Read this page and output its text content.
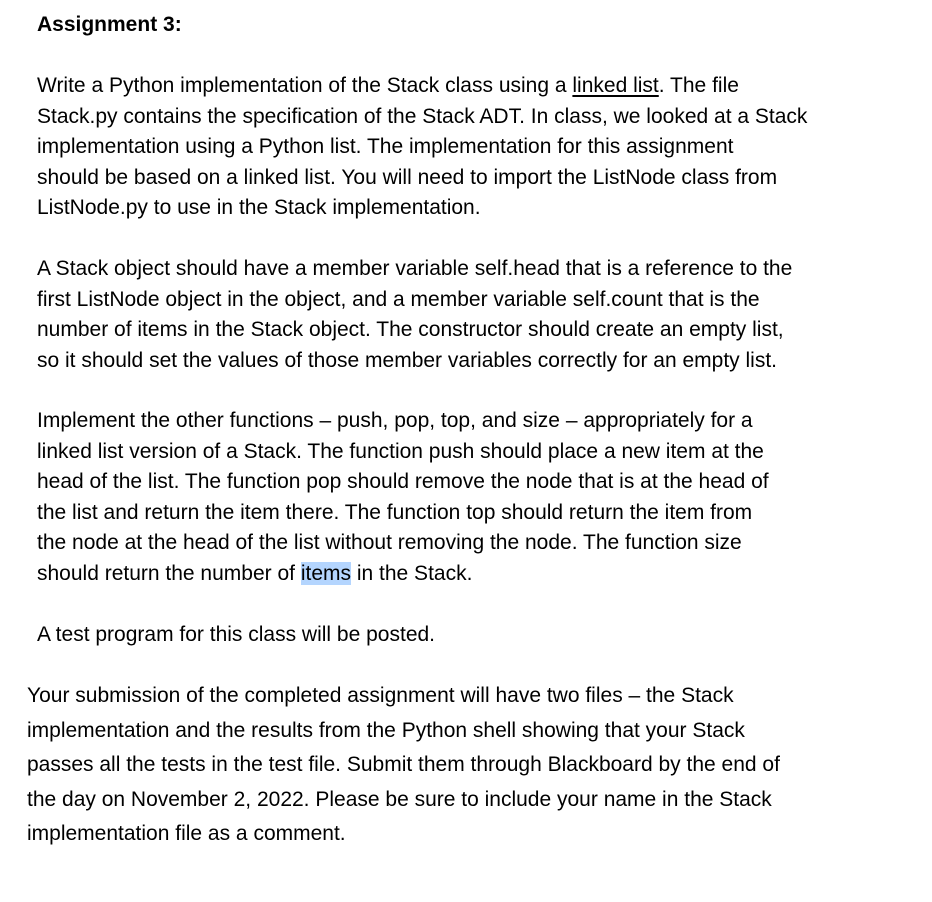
Assignment 3:

Write a Python implementation of the Stack class using a linked list. The file
Stack.py contains the specification of the Stack ADT. In class, we looked at a Stack
implementation using a Python list. The implementation for this assignment
should be based on a linked list. You will need to import the ListNode class from
ListNode.py to use in the Stack implementation.

A Stack object should have a member variable self.head that is a reference to the
first ListNode object in the object, and a member variable self.count that is the
number of items in the Stack object. The constructor should create an empty list,
so it should set the values of those member variables correctly for an empty list.

Implement the other functions – push, pop, top, and size – appropriately for a
linked list version of a Stack. The function push should place a new item at the
head of the list. The function pop should remove the node that is at the head of
the list and return the item there. The function top should return the item from
the node at the head of the list without removing the node. The function size
should return the number of items in the Stack.

A test program for this class will be posted.

Your submission of the completed assignment will have two files – the Stack
implementation and the results from the Python shell showing that your Stack
passes all the tests in the test file. Submit them through Blackboard by the end of
the day on November 2, 2022. Please be sure to include your name in the Stack
implementation file as a comment.
